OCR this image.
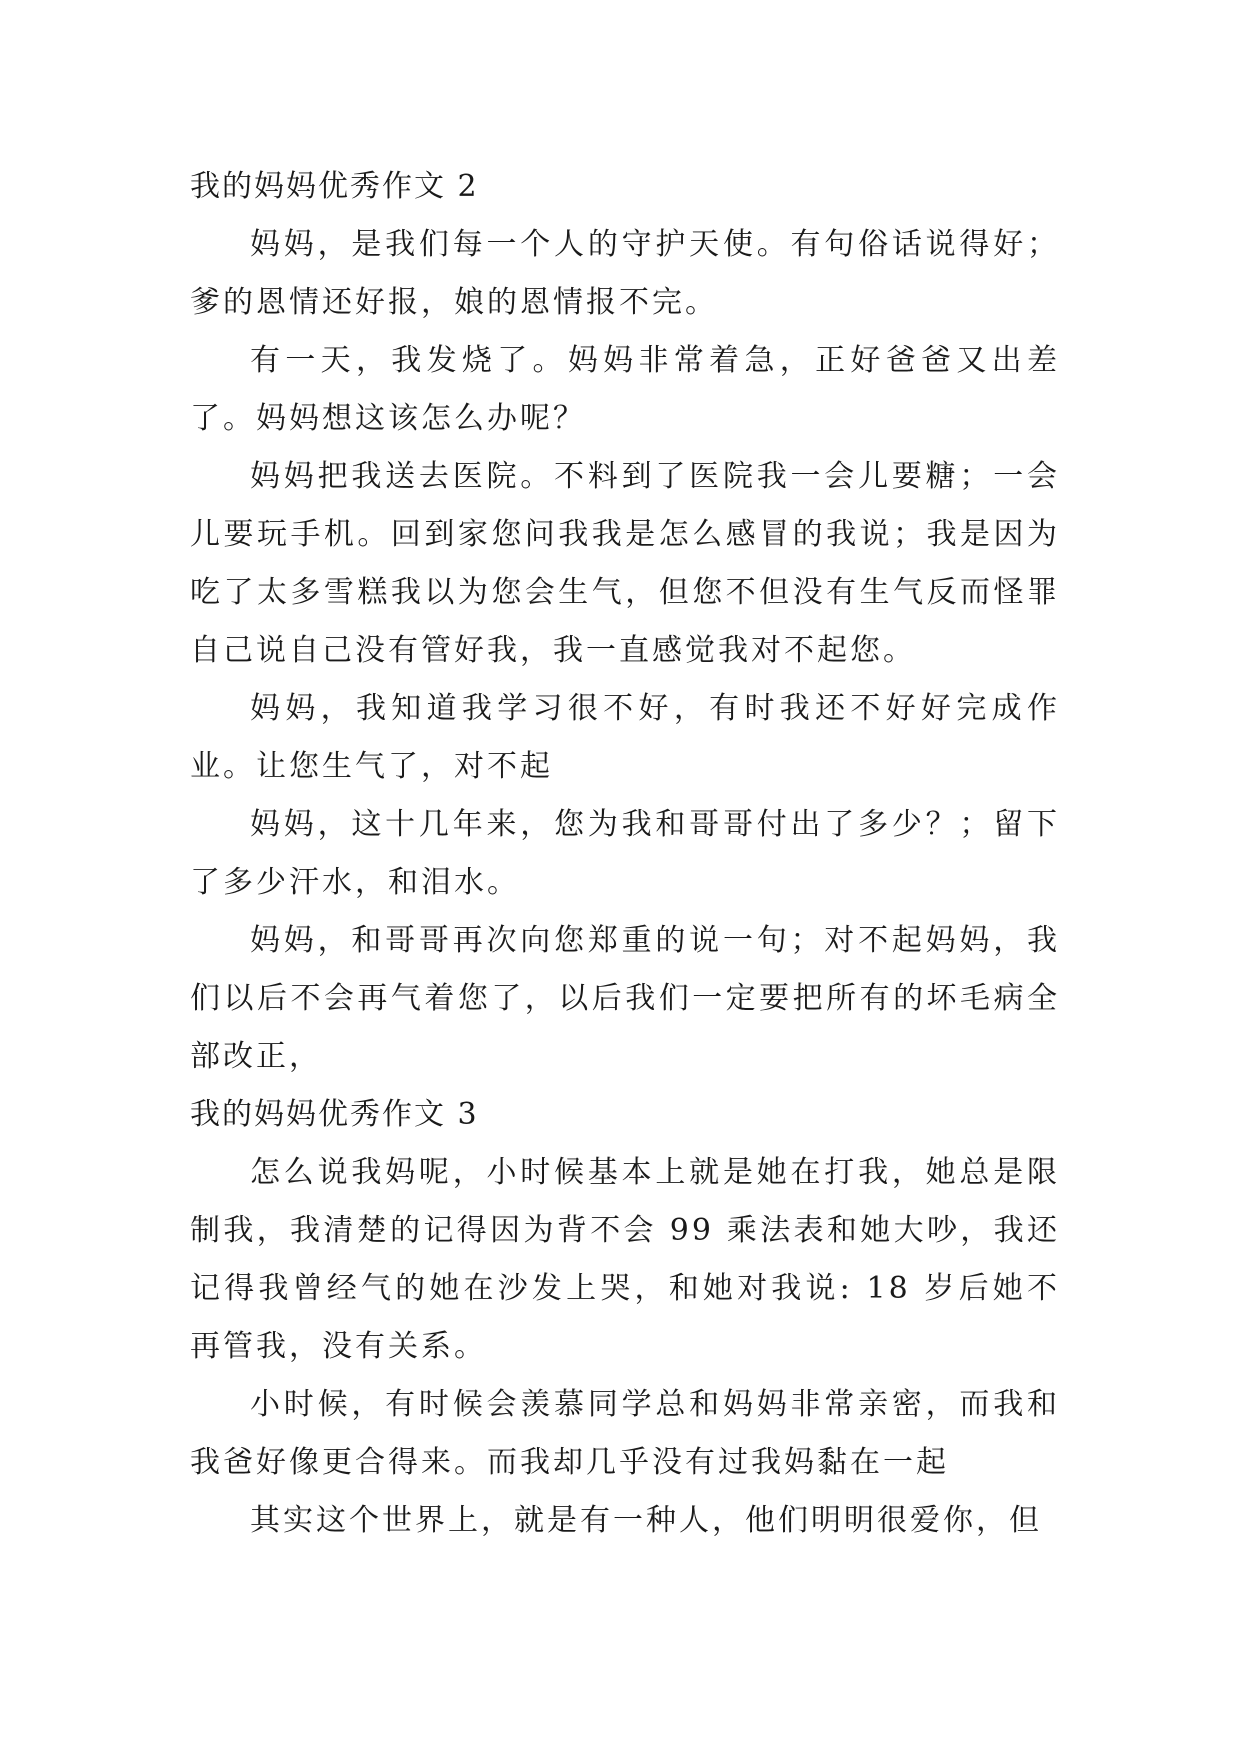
我的妈妈优秀作文 2

妈妈，是我们每一个人的守护天使。有句俗话说得好；爹的恩情还好报，娘的恩情报不完。

有一天，我发烧了。妈妈非常着急，正好爸爸又出差了。妈妈想这该怎么办呢？

妈妈把我送去医院。不料到了医院我一会儿要糖；一会儿要玩手机。回到家您问我我是怎么感冒的我说；我是因为吃了太多雪糕我以为您会生气，但您不但没有生气反而怪罪自己说自己没有管好我，我一直感觉我对不起您。

妈妈，我知道我学习很不好，有时我还不好好完成作业。让您生气了，对不起

妈妈，这十几年来，您为我和哥哥付出了多少？；留下了多少汗水，和泪水。

妈妈，和哥哥再次向您郑重的说一句；对不起妈妈，我们以后不会再气着您了，以后我们一定要把所有的坏毛病全部改正，

我的妈妈优秀作文 3

怎么说我妈呢，小时候基本上就是她在打我，她总是限制我，我清楚的记得因为背不会 99 乘法表和她大吵，我还记得我曾经气的她在沙发上哭，和她对我说: 18 岁后她不再管我，没有关系。

小时候，有时候会羡慕同学总和妈妈非常亲密，而我和我爸好像更合得来。而我却几乎没有过我妈黏在一起

其实这个世界上，就是有一种人，他们明明很爱你，但
